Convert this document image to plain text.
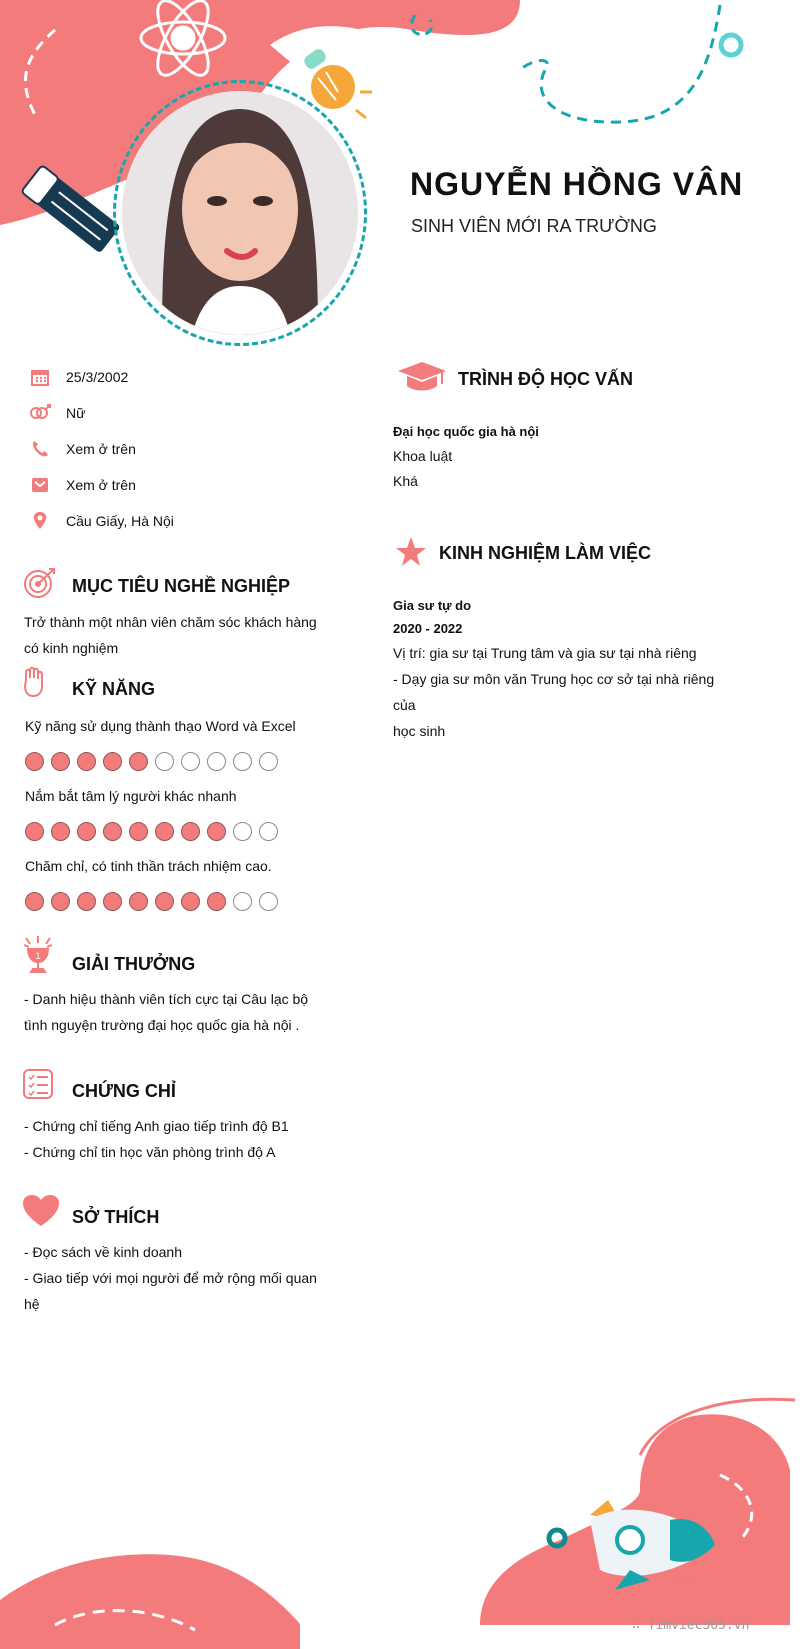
NGUYỄN HỒNG VÂN
SINH VIÊN MỚI RA TRƯỜNG
25/3/2002
Nữ
Xem ở trên
Xem ở trên
Cầu Giấy, Hà Nội
MỤC TIÊU NGHỀ NGHIỆP
Trở thành một nhân viên chăm sóc khách hàng
có kinh nghiệm
KỸ NĂNG
Kỹ năng sử dụng thành thạo Word và Excel
Nắm bắt tâm lý người khác nhanh
Chăm chỉ, có tinh thần trách nhiệm cao.
1 GIẢI THƯỞNG
- Danh hiệu thành viên tích cực tại Câu lạc bộ
tình nguyện trường đại học quốc gia hà nội .
CHỨNG CHỈ
- Chứng chỉ tiếng Anh giao tiếp trình độ B1
- Chứng chỉ tin học văn phòng trình độ A
SỞ THÍCH
- Đọc sách về kinh doanh
- Giao tiếp với mọi người để mở rộng mối quan
hệ
TRÌNH ĐỘ HỌC VẤN
Đại học quốc gia hà nội
Khoa luật
Khá
KINH NGHIỆM LÀM VIỆC
Gia sư tự do
2020 - 2022
Vị trí: gia sư tại Trung tâm và gia sư tại nhà riêng
- Dạy gia sư môn văn Trung học cơ sở tại nhà riêng của
học sinh
∴ Timviec365.vn
